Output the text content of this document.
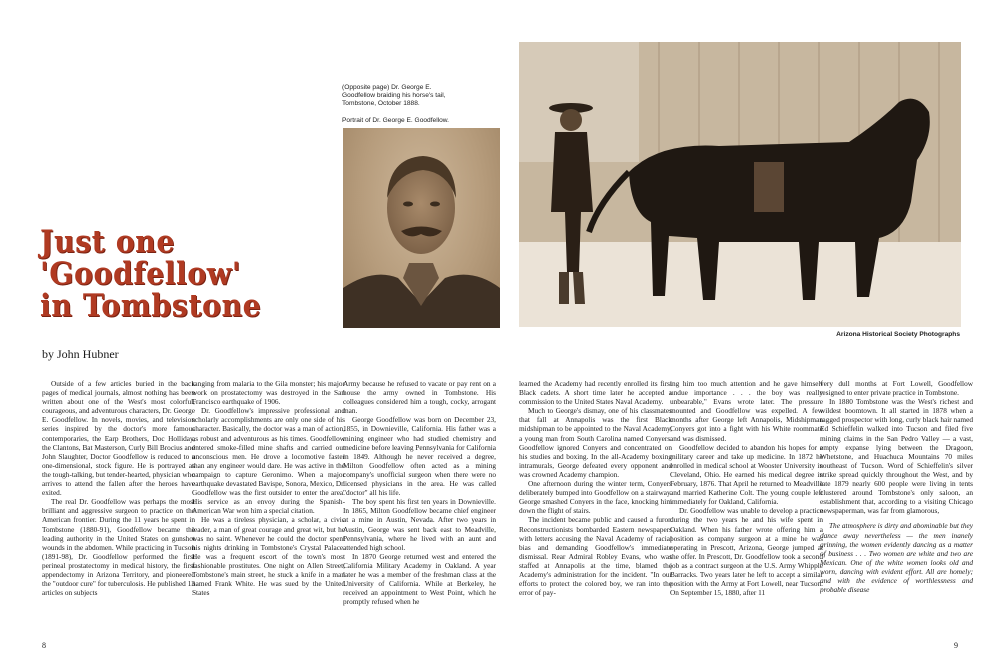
Just one
'Goodfellow'
in Tombstone
by John Hubner
(Opposite page) Dr. George E. Goodfellow braiding his horse's tail, Tombstone, October 1888.
Portrait of Dr. George E. Goodfellow.
Arizona Historical Society Photographs

Outside of a few articles buried in the back pages of medical journals, almost nothing has been written about one of the West's most colorful, courageous, and adventurous characters, Dr. George E. Goodfellow. In novels, movies, and television series inspired by the doctor's more famous contemporaries, the Earp Brothers, Doc Holliday, the Clantons, Bat Masterson, Curly Bill Brocius and John Slaughter, Doctor Goodfellow is reduced to a one-dimensional, stock figure. He is portrayed as the tough-talking, but tender-hearted, physician who arrives to attend the fallen after the heroes have exited.

The real Dr. Goodfellow was perhaps the most brilliant and aggressive surgeon to practice on the American frontier. During the 11 years he spent in Tombstone (1880-91), Goodfellow became the leading authority in the United States on gunshot wounds in the abdomen. While practicing in Tucson (1891-98), Dr. Goodfellow performed the first perineal prostatectomy in medical history, the first appendectomy in Arizona Territory, and pioneered the "outdoor cure" for tuberculosis. He published 13 articles on subjects

ranging from malaria to the Gila monster; his major work on prostatectomy was destroyed in the San Francisco earthquake of 1906.

Dr. Goodfellow's impressive professional and scholarly accomplishments are only one side of his character. Basically, the doctor was a man of action, as robust and adventurous as his times. Goodfellow entered smoke-filled mine shafts and carried out unconscious men. He drove a locomotive faster than any engineer would dare. He was active in the campaign to capture Geronimo. When a major earthquake devastated Bavispe, Sonora, Mexico, Dr. Goodfellow was the first outsider to enter the area. His service as an envoy during the Spanish-American War won him a special citation.

He was a tireless physician, a scholar, a civic leader, a man of great courage and great wit, but he was no saint. Whenever he could the doctor spent his nights drinking in Tombstone's Crystal Palace. He was a frequent escort of the town's most fashionable prostitutes. One night on Allen Street, Tombstone's main street, he stuck a knife in a man named Frank White. He was sued by the United States

Army because he refused to vacate or pay rent on a house the army owned in Tombstone. His colleagues considered him a tough, cocky, arrogant man.

George Goodfellow was born on December 23, 1855, in Downieville, California. His father was a mining engineer who had studied chemistry and medicine before leaving Pennsylvania for California in 1849. Although he never received a degree, Milton Goodfellow often acted as a mining company's unofficial surgeon when there were no licensed physicians in the area. He was called "doctor" all his life.

The boy spent his first ten years in Downieville. In 1865, Milton Goodfellow became chief engineer at a mine in Austin, Nevada. After two years in Austin, George was sent back east to Meadville, Pennsylvania, where he lived with an aunt and attended high school.

In 1870 George returned west and entered the California Military Academy in Oakland. A year later he was a member of the freshman class at the University of California. While at Berkeley, he received an appointment to West Point, which he promptly refused when he

learned the Academy had recently enrolled its first Black cadets. A short time later he accepted a commission to the United States Naval Academy.

Much to George's dismay, one of his classmates that fall at Annapolis was the first Black midshipman to be appointed to the Naval Academy, a young man from South Carolina named Conyers. Goodfellow ignored Conyers and concentrated on his studies and boxing. In the all-Academy boxing intramurals, George defeated every opponent and was crowned Academy champion.

One afternoon during the winter term, Conyers deliberately bumped into Goodfellow on a stairway. George smashed Conyers in the face, knocking him down the flight of stairs.

The incident became public and caused a furor. Reconstructionists bombarded Eastern newspapers with letters accusing the Naval Academy of racial bias and demanding Goodfellow's immediate dismissal. Rear Admiral Robley Evans, who was staffed at Annapolis at the time, blamed the Academy's administration for the incident. "In our efforts to protect the colored boy, we ran into the error of pay-

ing him too much attention and he gave himself undue importance . . . the boy was really unbearable," Evans wrote later. The pressure mounted and Goodfellow was expelled. A few months after George left Annapolis, Midshipman Conyers got into a fight with his White roommate and was dismissed.

Goodfellow decided to abandon his hopes for a military career and take up medicine. In 1872 he enrolled in medical school at Wooster University in Cleveland, Ohio. He earned his medical degree in February, 1876. That April he returned to Meadville and married Katherine Colt. The young couple left immediately for Oakland, California.

Dr. Goodfellow was unable to develop a practice during the two years he and his wife spent in Oakland. When his father wrote offering him a position as company surgeon at a mine he was operating in Prescott, Arizona, George jumped at the offer. In Prescott, Dr. Goodfellow took a second job as a contract surgeon at the U.S. Army Whipple Barracks. Two years later he left to accept a similar position with the Army at Fort Lowell, near Tucson. On September 15, 1880, after 11

very dull months at Fort Lowell, Goodfellow resigned to enter private practice in Tombstone.

In 1880 Tombstone was the West's richest and wildest boomtown. It all started in 1878 when a ragged prospector with long, curly black hair named Ed Schieffelin walked into Tucson and filed five mining claims in the San Pedro Valley — a vast, empty expanse lying between the Dragoon, Whetstone, and Huachuca Mountains 70 miles southeast of Tucson. Word of Schieffelin's silver strike spread quickly throughout the West, and by late 1879 nearly 600 people were living in tents clustered around Tombstone's only saloon, an establishment that, according to a visiting Chicago newspaperman, was far from glamorous,

The atmosphere is dirty and abominable but they dance away nevertheless — the men inanely grinning, the women evidently dancing as a matter of business . . . Two women are white and two are Mexican. One of the white women looks old and worn, dancing with evident effort. All are homely; and with the evidence of worthlessness and probable disease

8	9
